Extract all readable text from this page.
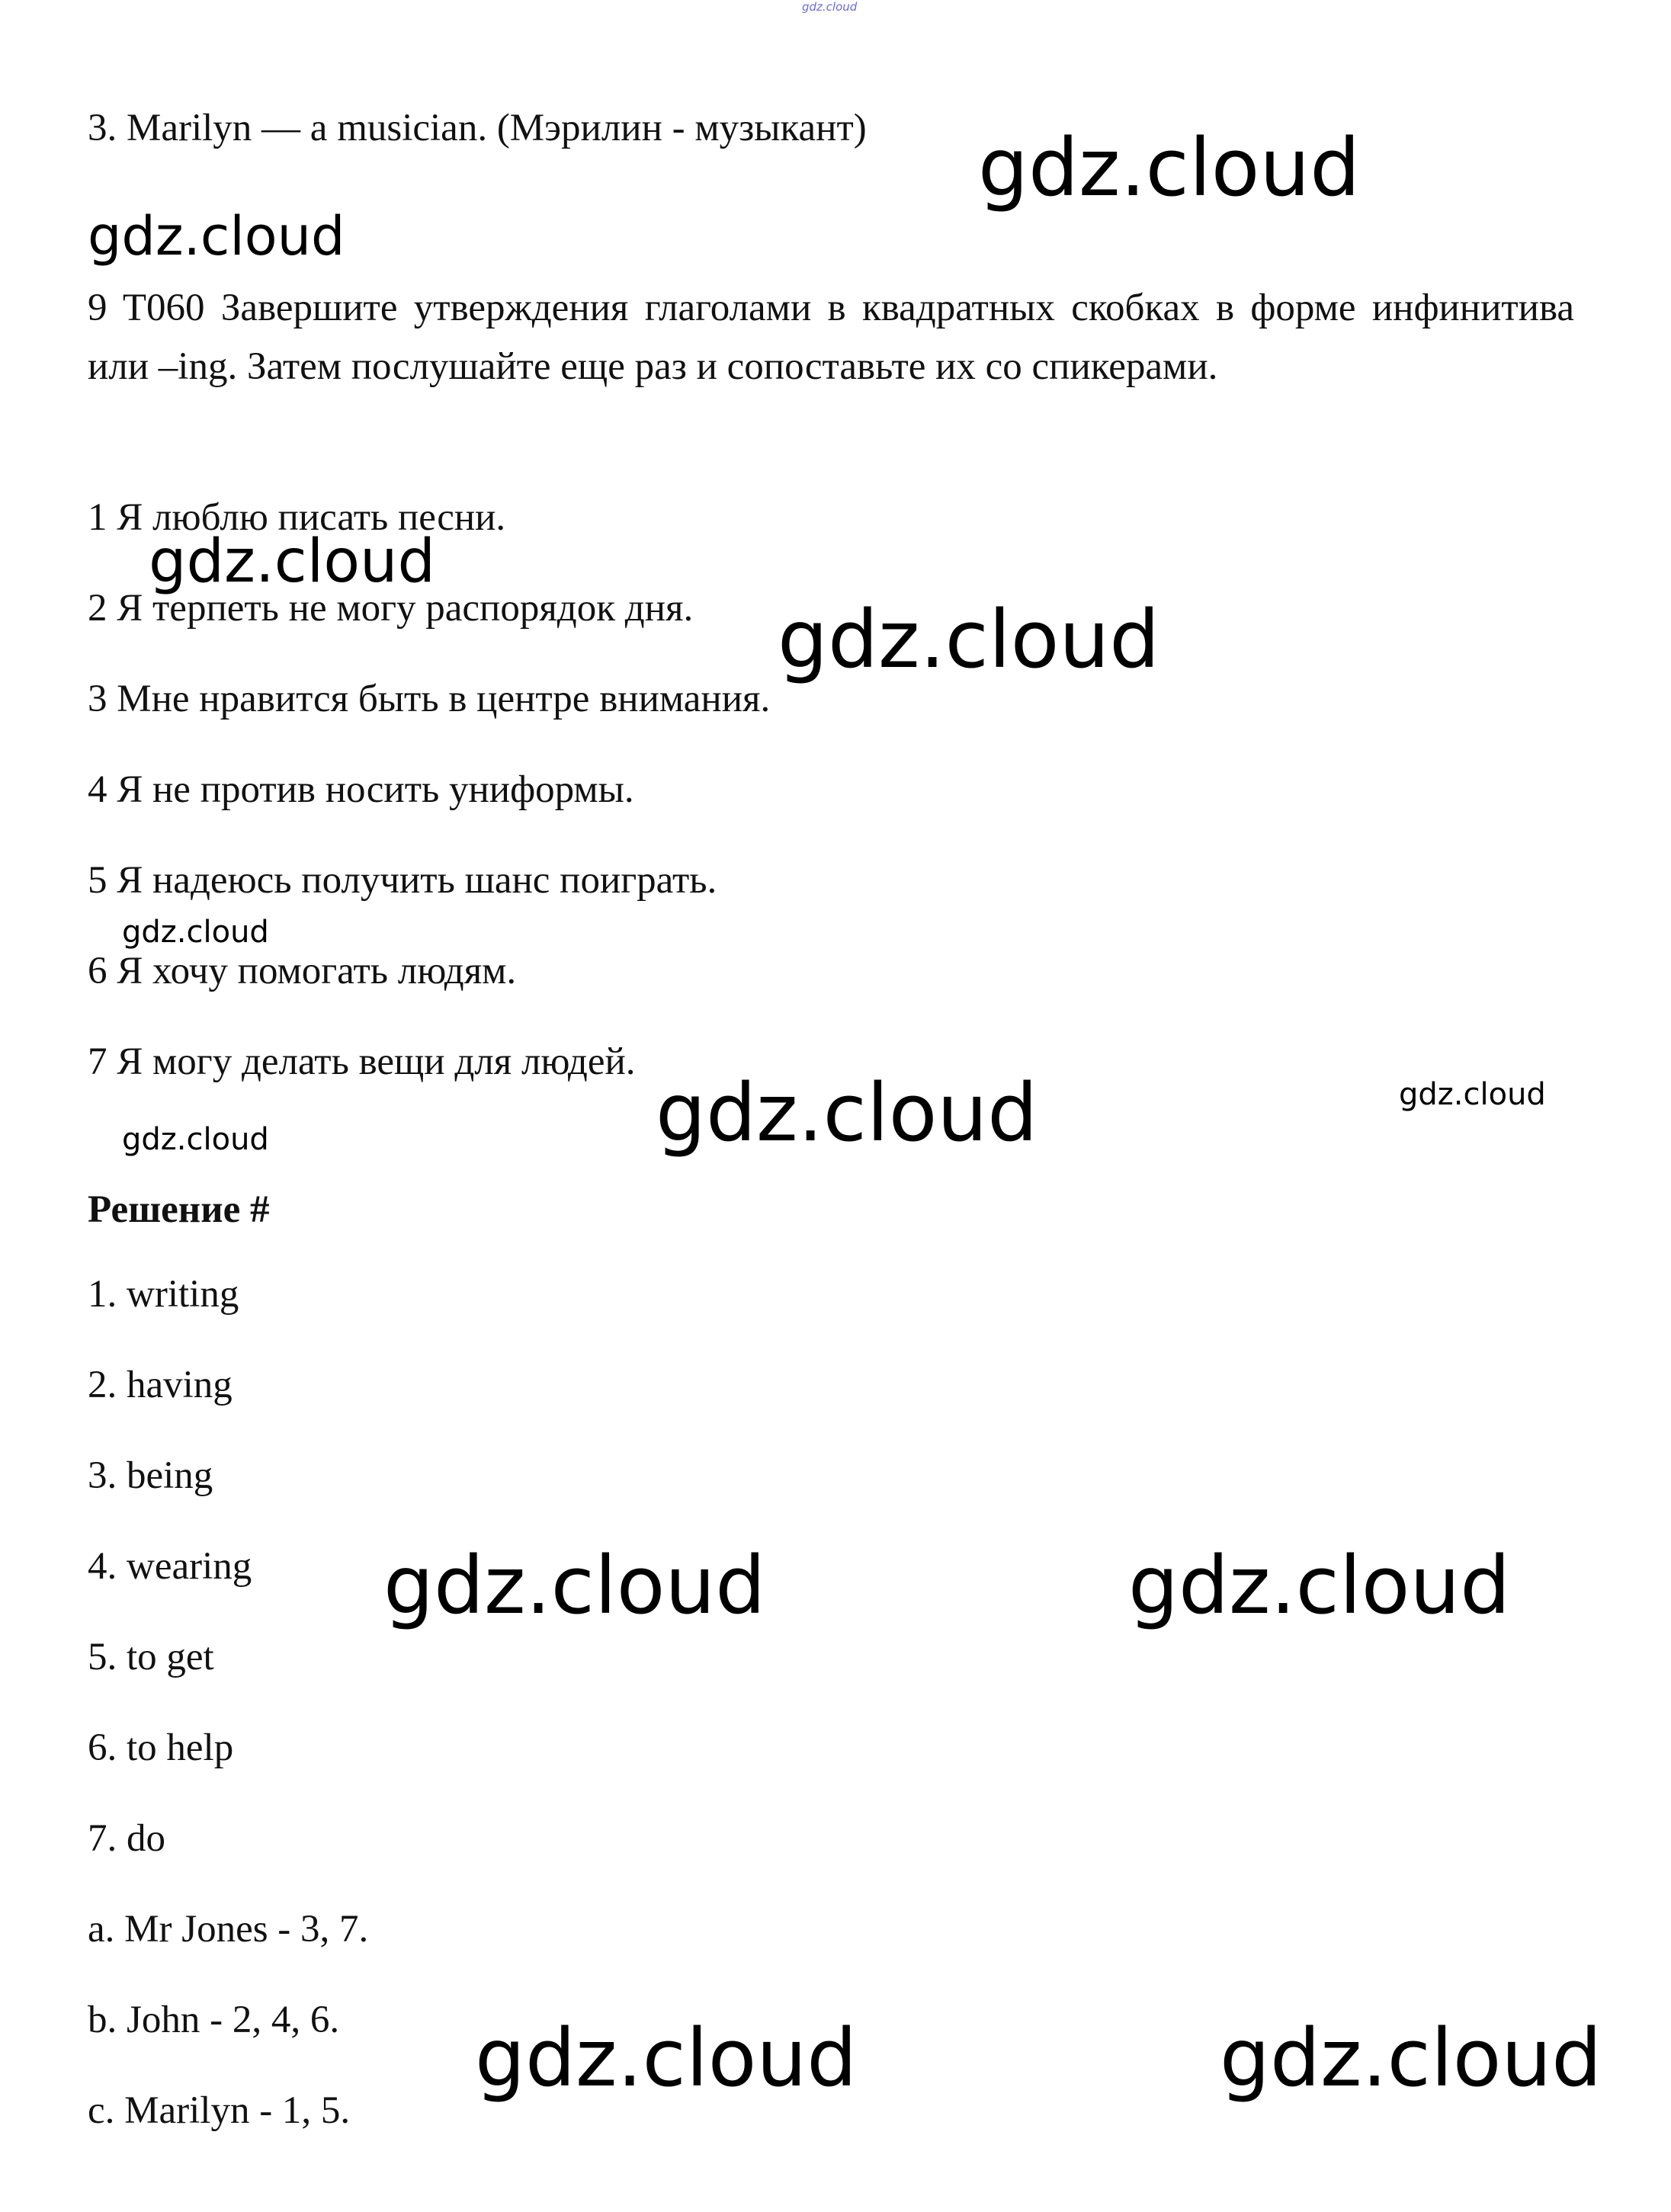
gdz.cloud
3. Marilyn — a musician. (Мэрилин - музыкант)
9 T060 Завершите утверждения глаголами в квадратных скобках в форме инфинитива или –ing. Затем послушайте еще раз и сопоставьте их со спикерами.
1 Я люблю писать песни.
2 Я терпеть не могу распорядок дня.
3 Мне нравится быть в центре внимания.
4 Я не против носить униформы.
5 Я надеюсь получить шанс поиграть.
6 Я хочу помогать людям.
7 Я могу делать вещи для людей.
Решение #
1. writing
2. having
3. being
4. wearing
5. to get
6. to help
7. do
a. Mr Jones - 3, 7.
b. John - 2, 4, 6.
c. Marilyn - 1, 5.
gdz.cloud
gdz.cloud
gdz.cloud
gdz.cloud
gdz.cloud
gdz.cloud	gdz.cloud
gdz.cloud
gdz.cloud	gdz.cloud
gdz.cloud	gdz.cloud
